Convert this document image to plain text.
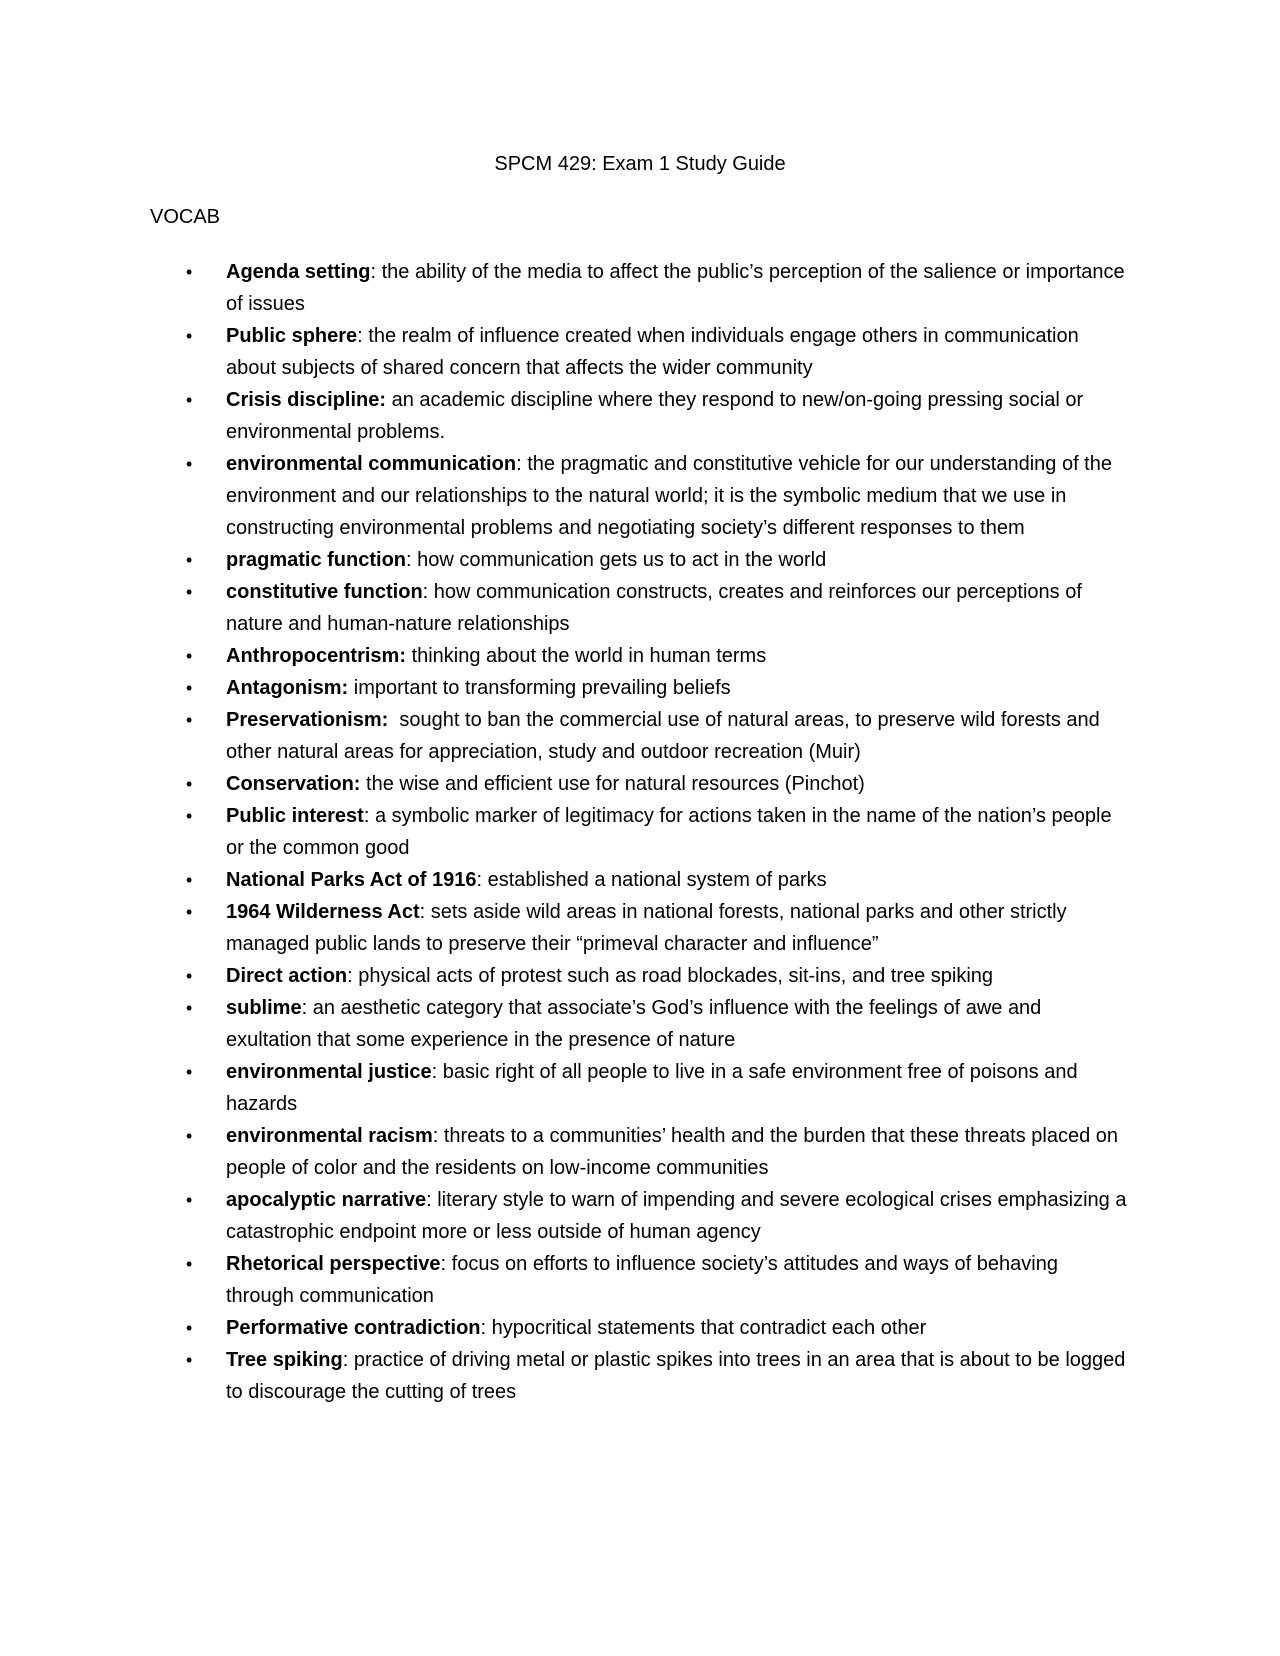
SPCM 429: Exam 1 Study Guide
VOCAB
• Agenda setting: the ability of the media to affect the public’s perception of the salience or importance of issues
• Public sphere: the realm of influence created when individuals engage others in communication about subjects of shared concern that affects the wider community
• Crisis discipline: an academic discipline where they respond to new/on-going pressing social or environmental problems.
• environmental communication: the pragmatic and constitutive vehicle for our understanding of the environment and our relationships to the natural world; it is the symbolic medium that we use in constructing environmental problems and negotiating society’s different responses to them
• pragmatic function: how communication gets us to act in the world
• constitutive function: how communication constructs, creates and reinforces our perceptions of nature and human-nature relationships
• Anthropocentrism: thinking about the world in human terms
• Antagonism: important to transforming prevailing beliefs
• Preservationism: sought to ban the commercial use of natural areas, to preserve wild forests and other natural areas for appreciation, study and outdoor recreation (Muir)
• Conservation: the wise and efficient use for natural resources (Pinchot)
• Public interest: a symbolic marker of legitimacy for actions taken in the name of the nation’s people or the common good
• National Parks Act of 1916: established a national system of parks
• 1964 Wilderness Act: sets aside wild areas in national forests, national parks and other strictly managed public lands to preserve their “primeval character and influence”
• Direct action: physical acts of protest such as road blockades, sit-ins, and tree spiking
• sublime: an aesthetic category that associate’s God’s influence with the feelings of awe and exultation that some experience in the presence of nature
• environmental justice: basic right of all people to live in a safe environment free of poisons and hazards
• environmental racism: threats to a communities’ health and the burden that these threats placed on people of color and the residents on low-income communities
• apocalyptic narrative: literary style to warn of impending and severe ecological crises emphasizing a catastrophic endpoint more or less outside of human agency
• Rhetorical perspective: focus on efforts to influence society’s attitudes and ways of behaving through communication
• Performative contradiction: hypocritical statements that contradict each other
• Tree spiking: practice of driving metal or plastic spikes into trees in an area that is about to be logged to discourage the cutting of trees
